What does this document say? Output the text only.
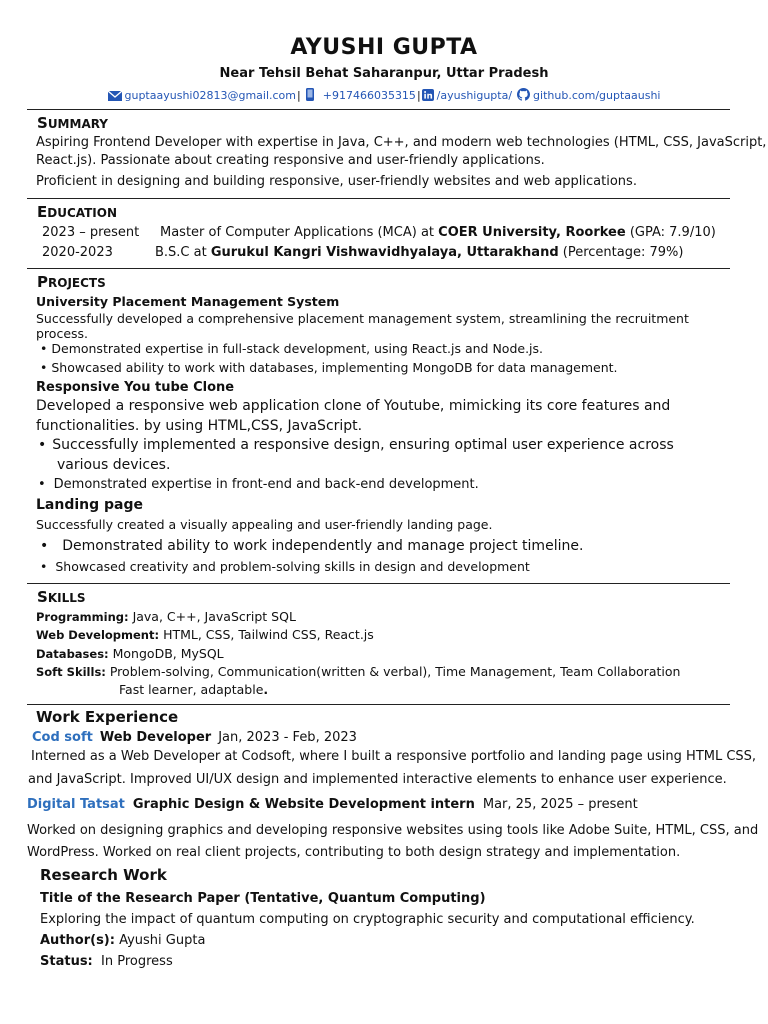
AYUSHI GUPTA
Near Tehsil Behat Saharanpur, Uttar Pradesh
guptaayushi02813@gmail.com| +917466035315| /ayushigupta/ github.com/guptaaushi
SUMMARY
Aspiring Frontend Developer with expertise in Java, C++, and modern web technologies (HTML, CSS, JavaScript,
React.js). Passionate about creating responsive and user-friendly applications.
Proficient in designing and building responsive, user-friendly websites and web applications.
EDUCATION
2023 – present Master of Computer Applications (MCA) at COER University, Roorkee (GPA: 7.9/10)
2020-2023	B.S.C at Gurukul Kangri Vishwavidhyalaya, Uttarakhand (Percentage: 79%)
PROJECTS
University Placement Management System
Successfully developed a comprehensive placement management system, streamlining the recruitment
process.
• Demonstrated expertise in full-stack development, using React.js and Node.js.
• Showcased ability to work with databases, implementing MongoDB for data management.
Responsive You tube Clone
Developed a responsive web application clone of Youtube, mimicking its core features and
functionalities. by using HTML,CSS, JavaScript.
• Successfully implemented a responsive design, ensuring optimal user experience across
various devices.
• Demonstrated expertise in front-end and back-end development.
Landing page
Successfully created a visually appealing and user-friendly landing page.
• Demonstrated ability to work independently and manage project timeline.
• Showcased creativity and problem-solving skills in design and development
SKILLS
Programming: Java, C++, JavaScript SQL
Web Development: HTML, CSS, Tailwind CSS, React.js
Databases: MongoDB, MySQL
Soft Skills: Problem-solving, Communication(written & verbal), Time Management, Team Collaboration
Fast learner, adaptable.
Work Experience
Cod soft Web Developer Jan, 2023 - Feb, 2023
Interned as a Web Developer at Codsoft, where I built a responsive portfolio and landing page using HTML CSS,
and JavaScript. Improved UI/UX design and implemented interactive elements to enhance user experience.
Digital Tatsat Graphic Design & Website Development intern Mar, 25, 2025 – present
Worked on designing graphics and developing responsive websites using tools like Adobe Suite, HTML, CSS, and
WordPress. Worked on real client projects, contributing to both design strategy and implementation.
Research Work
Title of the Research Paper (Tentative, Quantum Computing)
Exploring the impact of quantum computing on cryptographic security and computational efficiency.
Author(s): Ayushi Gupta
Status:  In Progress
